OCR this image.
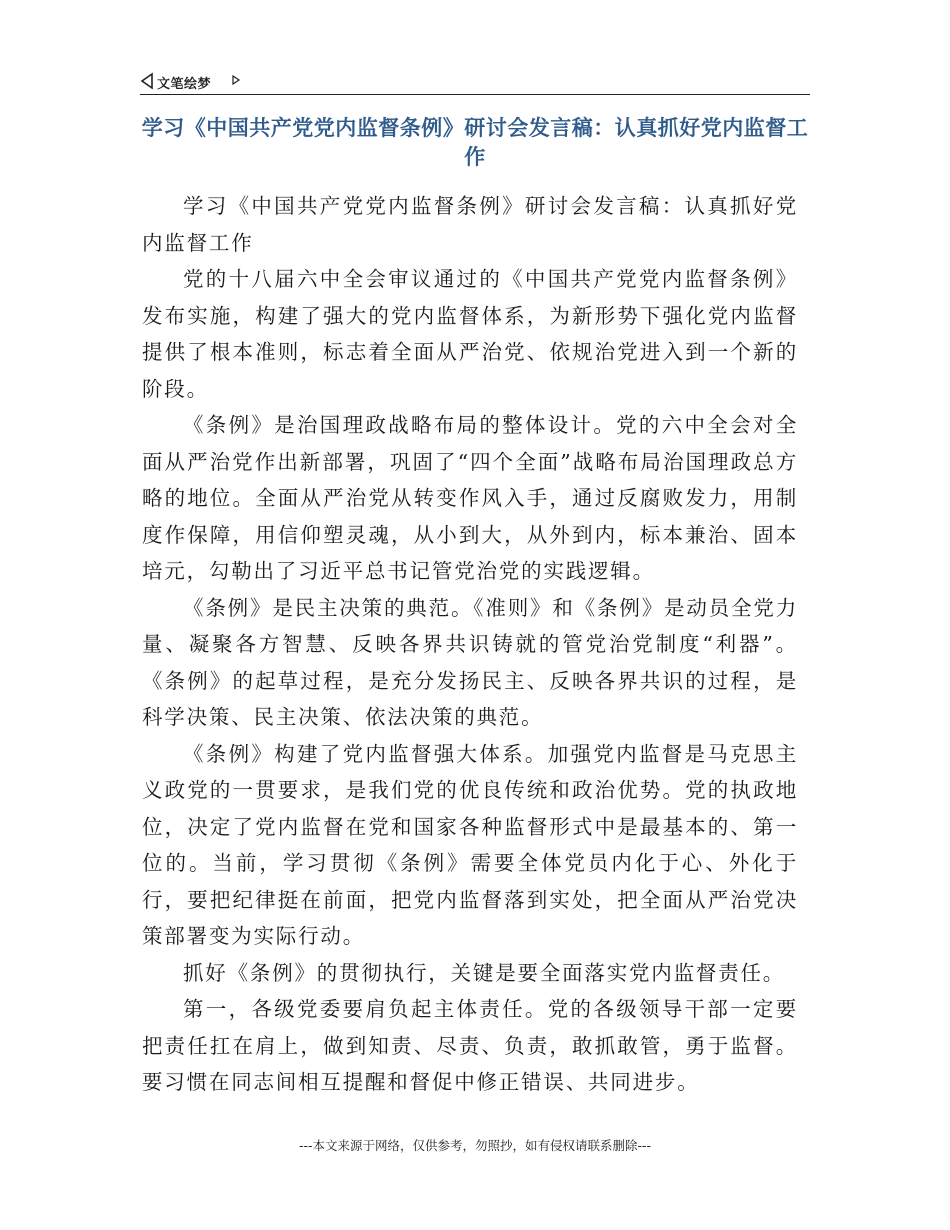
文笔绘梦
学习《中国共产党党内监督条例》研讨会发言稿：认真抓好党内监督工作

学习《中国共产党党内监督条例》研讨会发言稿：认真抓好党内监督工作

党的十八届六中全会审议通过的《中国共产党党内监督条例》发布实施，构建了强大的党内监督体系，为新形势下强化党内监督提供了根本准则，标志着全面从严治党、依规治党进入到一个新的阶段。

《条例》是治国理政战略布局的整体设计。党的六中全会对全面从严治党作出新部署，巩固了“四个全面”战略布局治国理政总方略的地位。全面从严治党从转变作风入手，通过反腐败发力，用制度作保障，用信仰塑灵魂，从小到大，从外到内，标本兼治、固本培元，勾勒出了习近平总书记管党治党的实践逻辑。

《条例》是民主决策的典范。《准则》和《条例》是动员全党力量、凝聚各方智慧、反映各界共识铸就的管党治党制度“利器”。《条例》的起草过程，是充分发扬民主、反映各界共识的过程，是科学决策、民主决策、依法决策的典范。

《条例》构建了党内监督强大体系。加强党内监督是马克思主义政党的一贯要求，是我们党的优良传统和政治优势。党的执政地位，决定了党内监督在党和国家各种监督形式中是最基本的、第一位的。当前，学习贯彻《条例》需要全体党员内化于心、外化于行，要把纪律挺在前面，把党内监督落到实处，把全面从严治党决策部署变为实际行动。

抓好《条例》的贯彻执行，关键是要全面落实党内监督责任。

第一，各级党委要肩负起主体责任。党的各级领导干部一定要把责任扛在肩上，做到知责、尽责、负责，敢抓敢管，勇于监督。要习惯在同志间相互提醒和督促中修正错误、共同进步。

---本文来源于网络，仅供参考，勿照抄，如有侵权请联系删除---
